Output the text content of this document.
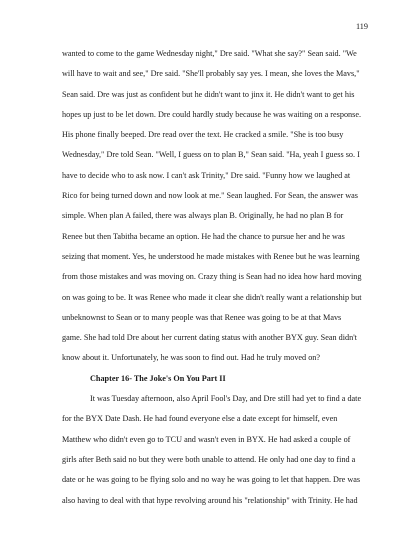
119
wanted to come to the game Wednesday night," Dre said. "What she say?" Sean said. "We
will have to wait and see," Dre said. "She'll probably say yes. I mean, she loves the Mavs,"
Sean said. Dre was just as confident but he didn't want to jinx it. He didn't want to get his
hopes up just to be let down. Dre could hardly study because he was waiting on a response.
His phone finally beeped. Dre read over the text. He cracked a smile. "She is too busy
Wednesday," Dre told Sean. "Well, I guess on to plan B," Sean said. "Ha, yeah I guess so. I
have to decide who to ask now. I can't ask Trinity," Dre said. "Funny how we laughed at
Rico for being turned down and now look at me." Sean laughed. For Sean, the answer was
simple. When plan A failed, there was always plan B. Originally, he had no plan B for
Renee but then Tabitha became an option. He had the chance to pursue her and he was
seizing that moment. Yes, he understood he made mistakes with Renee but he was learning
from those mistakes and was moving on. Crazy thing is Sean had no idea how hard moving
on was going to be. It was Renee who made it clear she didn't really want a relationship but
unbeknownst to Sean or to many people was that Renee was going to be at that Mavs
game. She had told Dre about her current dating status with another BYX guy. Sean didn't
know about it. Unfortunately, he was soon to find out. Had he truly moved on?
Chapter 16- The Joke's On You Part II
It was Tuesday afternoon, also April Fool's Day, and Dre still had yet to find a date
for the BYX Date Dash. He had found everyone else a date except for himself, even
Matthew who didn't even go to TCU and wasn't even in BYX. He had asked a couple of
girls after Beth said no but they were both unable to attend. He only had one day to find a
date or he was going to be flying solo and no way he was going to let that happen. Dre was
also having to deal with that hype revolving around his "relationship" with Trinity. He had
